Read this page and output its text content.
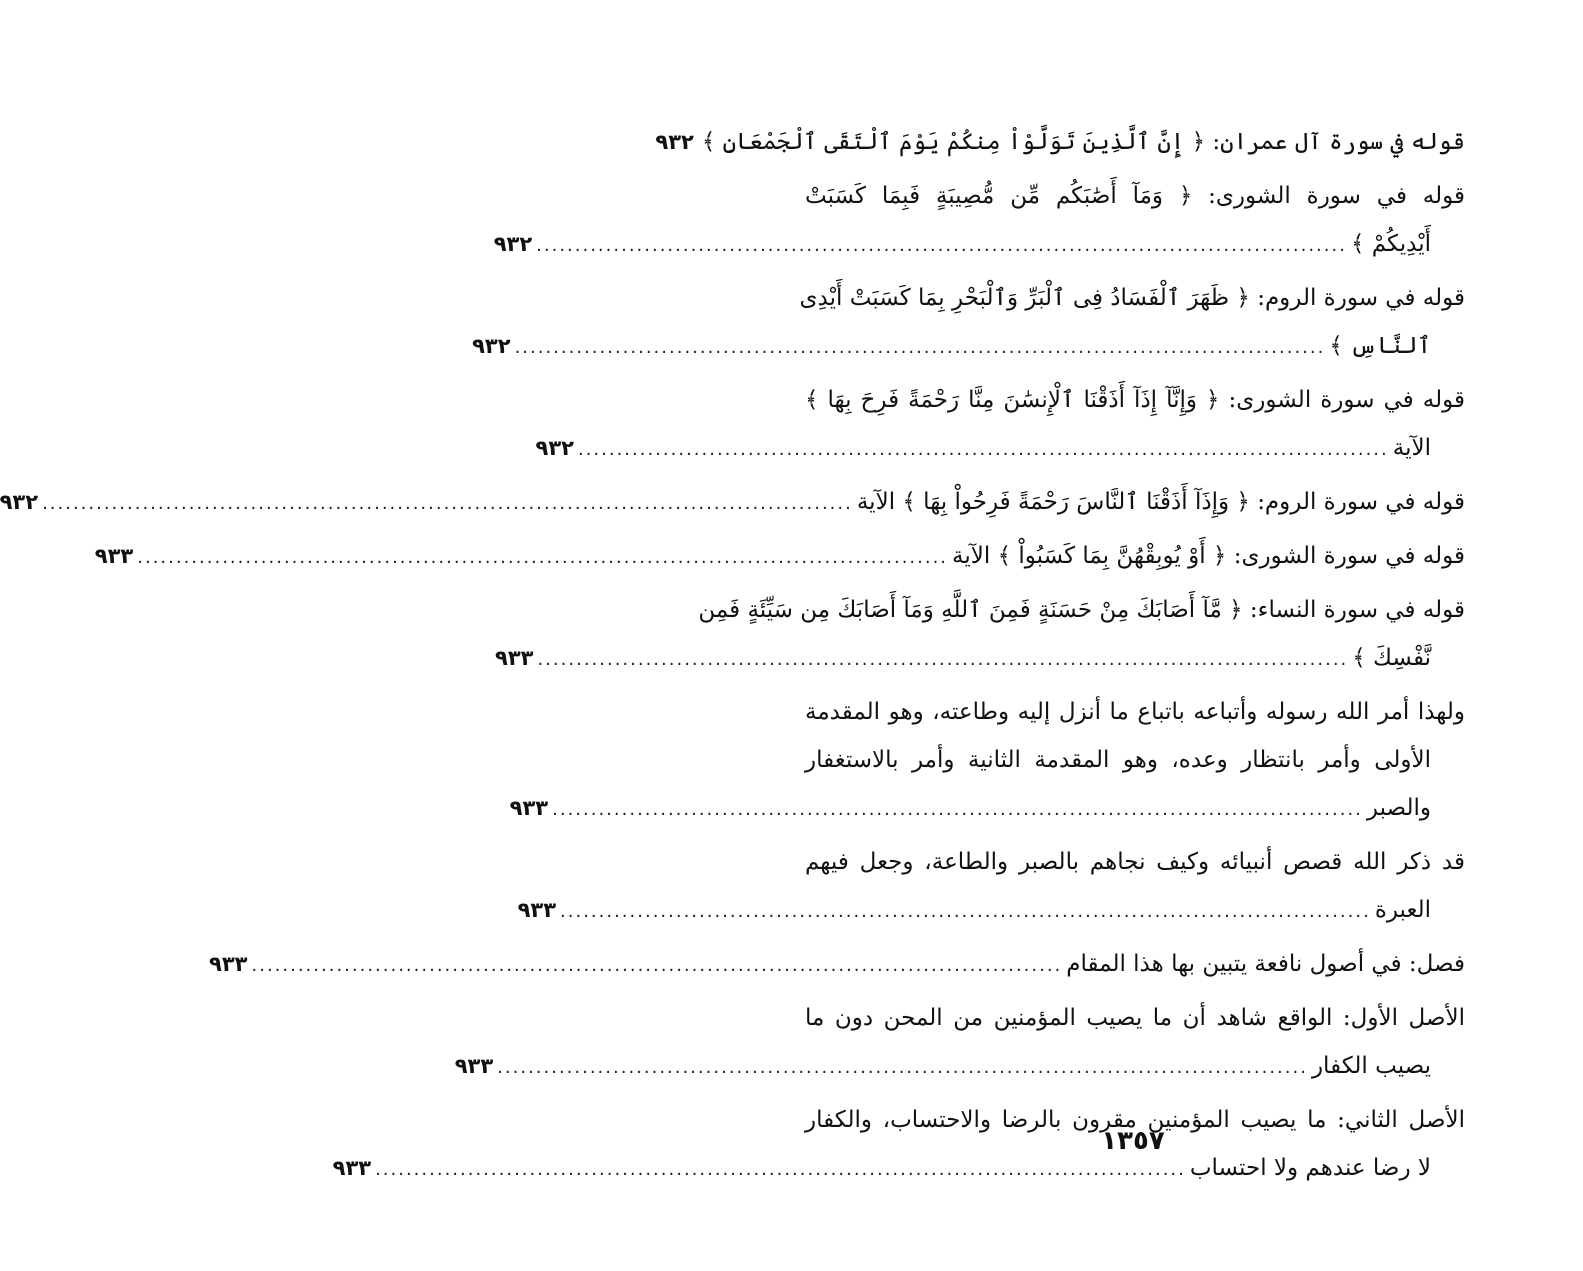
قوله في سورة آل عمران: ﴿ إِنَّ ٱلَّذِينَ تَوَلَّوْاْ مِنكُمْ يَوْمَ ٱلْتَقَى ٱلْجَمْعَانِ ﴾
٩٣٢
قوله في سورة الشورى: ﴿ وَمَآ أَصَٰبَكُم مِّن مُّصِيبَةٍ فَبِمَا كَسَبَتْ
أَيْدِيكُمْ ﴾
.........................................................................................................
٩٣٢
قوله في سورة الروم: ﴿ ظَهَرَ ٱلْفَسَادُ فِى ٱلْبَرِّ وَٱلْبَحْرِ بِمَا كَسَبَتْ أَيْدِى
ٱلنَّاسِ ﴾
.........................................................................................................
٩٣٢
قوله في سورة الشورى: ﴿ وَإِنَّآ إِذَآ أَذَقْنَا ٱلْإِنسَٰنَ مِنَّا رَحْمَةً فَرِحَ بِهَا ﴾
الآية
.........................................................................................................
٩٣٢
قوله في سورة الروم: ﴿ وَإِذَآ أَذَقْنَا ٱلنَّاسَ رَحْمَةً فَرِحُواْ بِهَا ﴾ الآية
.........................................................................................................
٩٣٢
قوله في سورة الشورى: ﴿ أَوْ يُوبِقْهُنَّ بِمَا كَسَبُواْ ﴾ الآية
.........................................................................................................
٩٣٣
قوله في سورة النساء: ﴿ مَّآ أَصَابَكَ مِنْ حَسَنَةٍ فَمِنَ ٱللَّهِ وَمَآ أَصَابَكَ مِن سَيِّئَةٍ فَمِن
نَّفْسِكَ ﴾
.........................................................................................................
٩٣٣
ولهذا أمر الله رسوله وأتباعه باتباع ما أنزل إليه وطاعته، وهو المقدمة
الأولى وأمر بانتظار وعده، وهو المقدمة الثانية وأمر بالاستغفار
والصبر
.........................................................................................................
٩٣٣
قد ذكر الله قصص أنبيائه وكيف نجاهم بالصبر والطاعة، وجعل فيهم
العبرة
.........................................................................................................
٩٣٣
فصل: في أصول نافعة يتبين بها هذا المقام
.........................................................................................................
٩٣٣
الأصل الأول: الواقع شاهد أن ما يصيب المؤمنين من المحن دون ما
يصيب الكفار
.........................................................................................................
٩٣٣
الأصل الثاني: ما يصيب المؤمنين مقرون بالرضا والاحتساب، والكفار
لا رضا عندهم ولا احتساب
.........................................................................................................
٩٣٣
١٣٥٧
